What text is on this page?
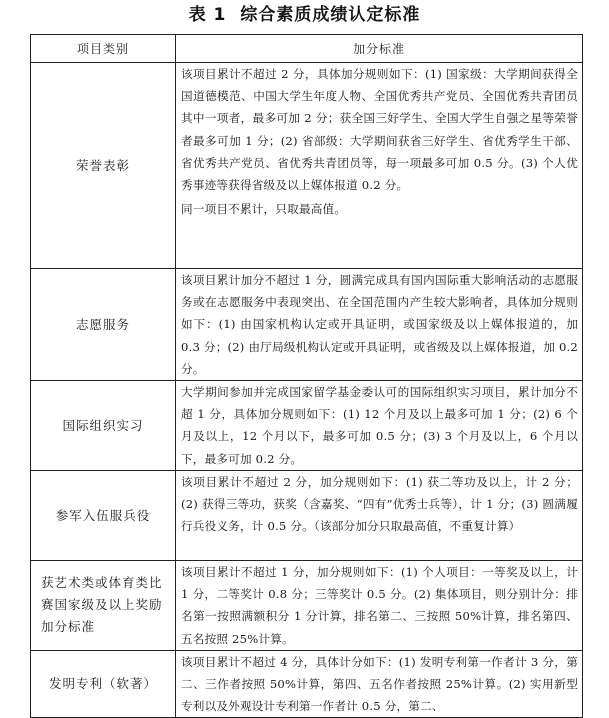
表 1 综合素质成绩认定标准
项目类别	加分标准
荣誉表彰	该项目累计不超过 2 分，具体加分规则如下：(1) 国家级：大学期间获得全国道德模范、中国大学生年度人物、全国优秀共产党员、全国优秀共青团员其中一项者，最多可加 2 分；获全国三好学生、全国大学生自强之星等荣誉者最多可加 1 分；(2) 省部级：大学期间获省三好学生、省优秀学生干部、省优秀共产党员、省优秀共青团员等，每一项最多可加 0.5 分。(3) 个人优秀事迹等获得省级及以上媒体报道 0.2 分。

同一项目不累计，只取最高值。

志愿服务	该项目累计加分不超过 1 分，圆满完成具有国内国际重大影响活动的志愿服务或在志愿服务中表现突出、在全国范围内产生较大影响者，具体加分规则如下：(1) 由国家机构认定或开具证明，或国家级及以上媒体报道的，加 0.3 分；(2) 由厅局级机构认定或开具证明，或省级及以上媒体报道，加 0.2 分。
国际组织实习	大学期间参加并完成国家留学基金委认可的国际组织实习项目，累计加分不超 1 分，具体加分规则如下：(1) 12 个月及以上最多可加 1 分；(2) 6 个月及以上，12 个月以下，最多可加 0.5 分；(3) 3 个月及以上，6 个月以下，最多可加 0.2 分。
参军入伍服兵役	该项目累计不超过 2 分，加分规则如下：(1) 获二等功及以上，计 2 分；(2) 获得三等功，获奖（含嘉奖、“四有”优秀士兵等），计 1 分；(3) 圆满履行兵役义务，计 0.5 分。（该部分加分只取最高值，不重复计算）
获艺术类或体育类比赛国家级及以上奖励加分标准	该项目累计不超过 1 分，加分规则如下：(1) 个人项目：一等奖及以上，计 1 分，二等奖计 0.8 分；三等奖计 0.5 分。(2) 集体项目，则分别计分：排名第一按照满额积分 1 分计算，排名第二、三按照 50%计算，排名第四、五名按照 25%计算。
发明专利（软著）	该项目累计不超过 4 分，具体计分如下：(1) 发明专利第一作者计 3 分，第二、三作者按照 50%计算，第四、五名作者按照 25%计算。(2) 实用新型专利以及外观设计专利第一作者计 0.5 分，第二、
